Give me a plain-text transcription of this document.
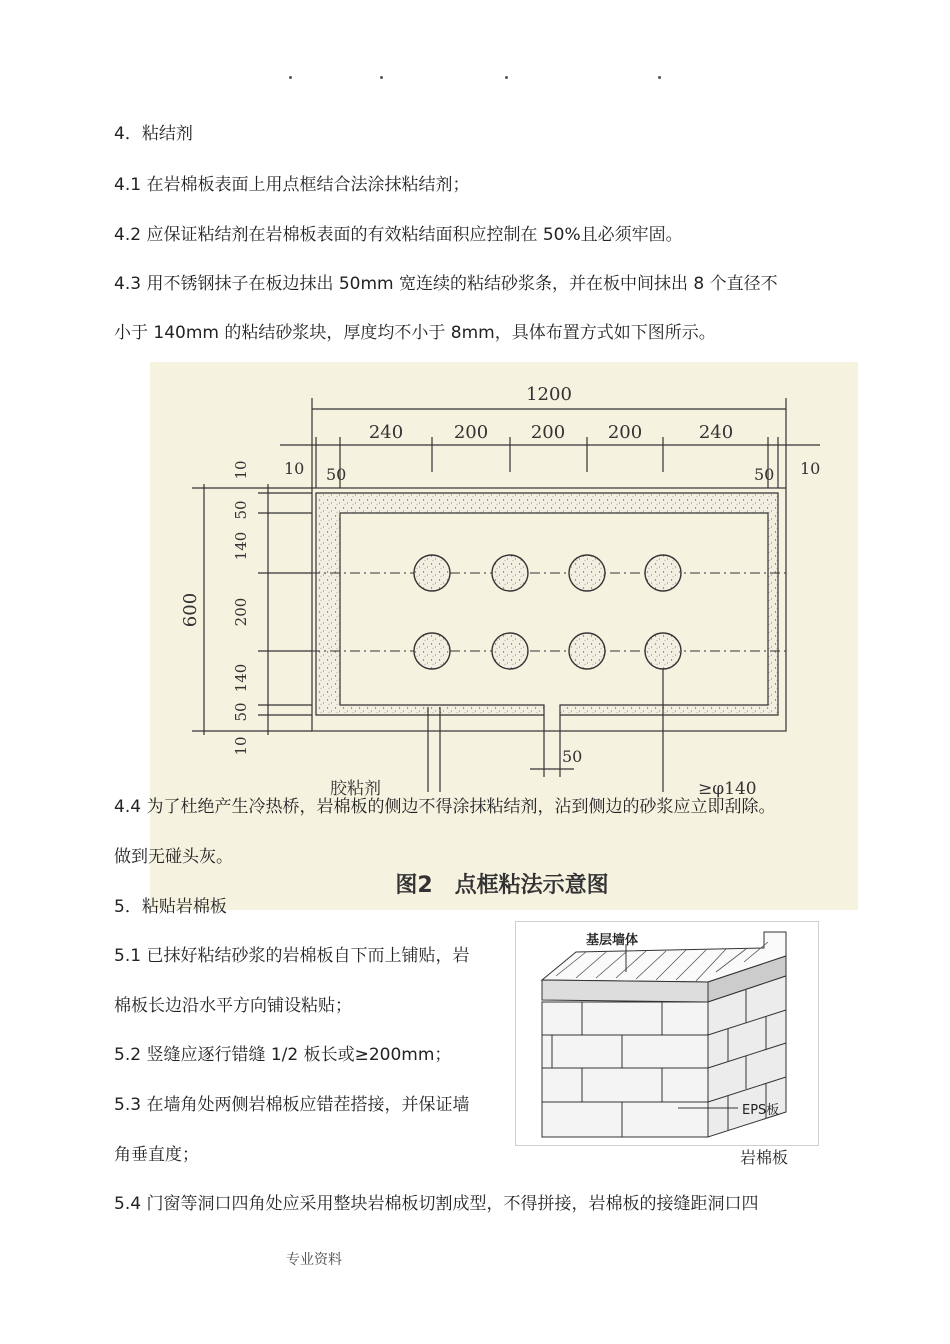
4．粘结剂
4.1 在岩棉板表面上用点框结合法涂抹粘结剂；
4.2 应保证粘结剂在岩棉板表面的有效粘结面积应控制在 50%且必须牢固。
4.3 用不锈钢抹子在板边抹出 50mm 宽连续的粘结砂浆条，并在板中间抹出 8 个直径不
小于 140mm 的粘结砂浆块，厚度均不小于 8mm，具体布置方式如下图所示。
1200
240	200 200 200	240
10 50	50 10
600
10
50
140
200
140
50
10
50
胶粘剂	≥φ140
图2　点框粘法示意图
4.4 为了杜绝产生冷热桥，岩棉板的侧边不得涂抹粘结剂，沾到侧边的砂浆应立即刮除。
做到无碰头灰。
5．粘贴岩棉板
5.1 已抹好粘结砂浆的岩棉板自下而上铺贴，岩
棉板长边沿水平方向铺设粘贴；
5.2 竖缝应逐行错缝 1/2 板长或≥200mm；
5.3 在墙角处两侧岩棉板应错茬搭接，并保证墙
角垂直度；
基层墙体
EPS板
岩棉板
5.4 门窗等洞口四角处应采用整块岩棉板切割成型，不得拼接，岩棉板的接缝距洞口四
专业资料
